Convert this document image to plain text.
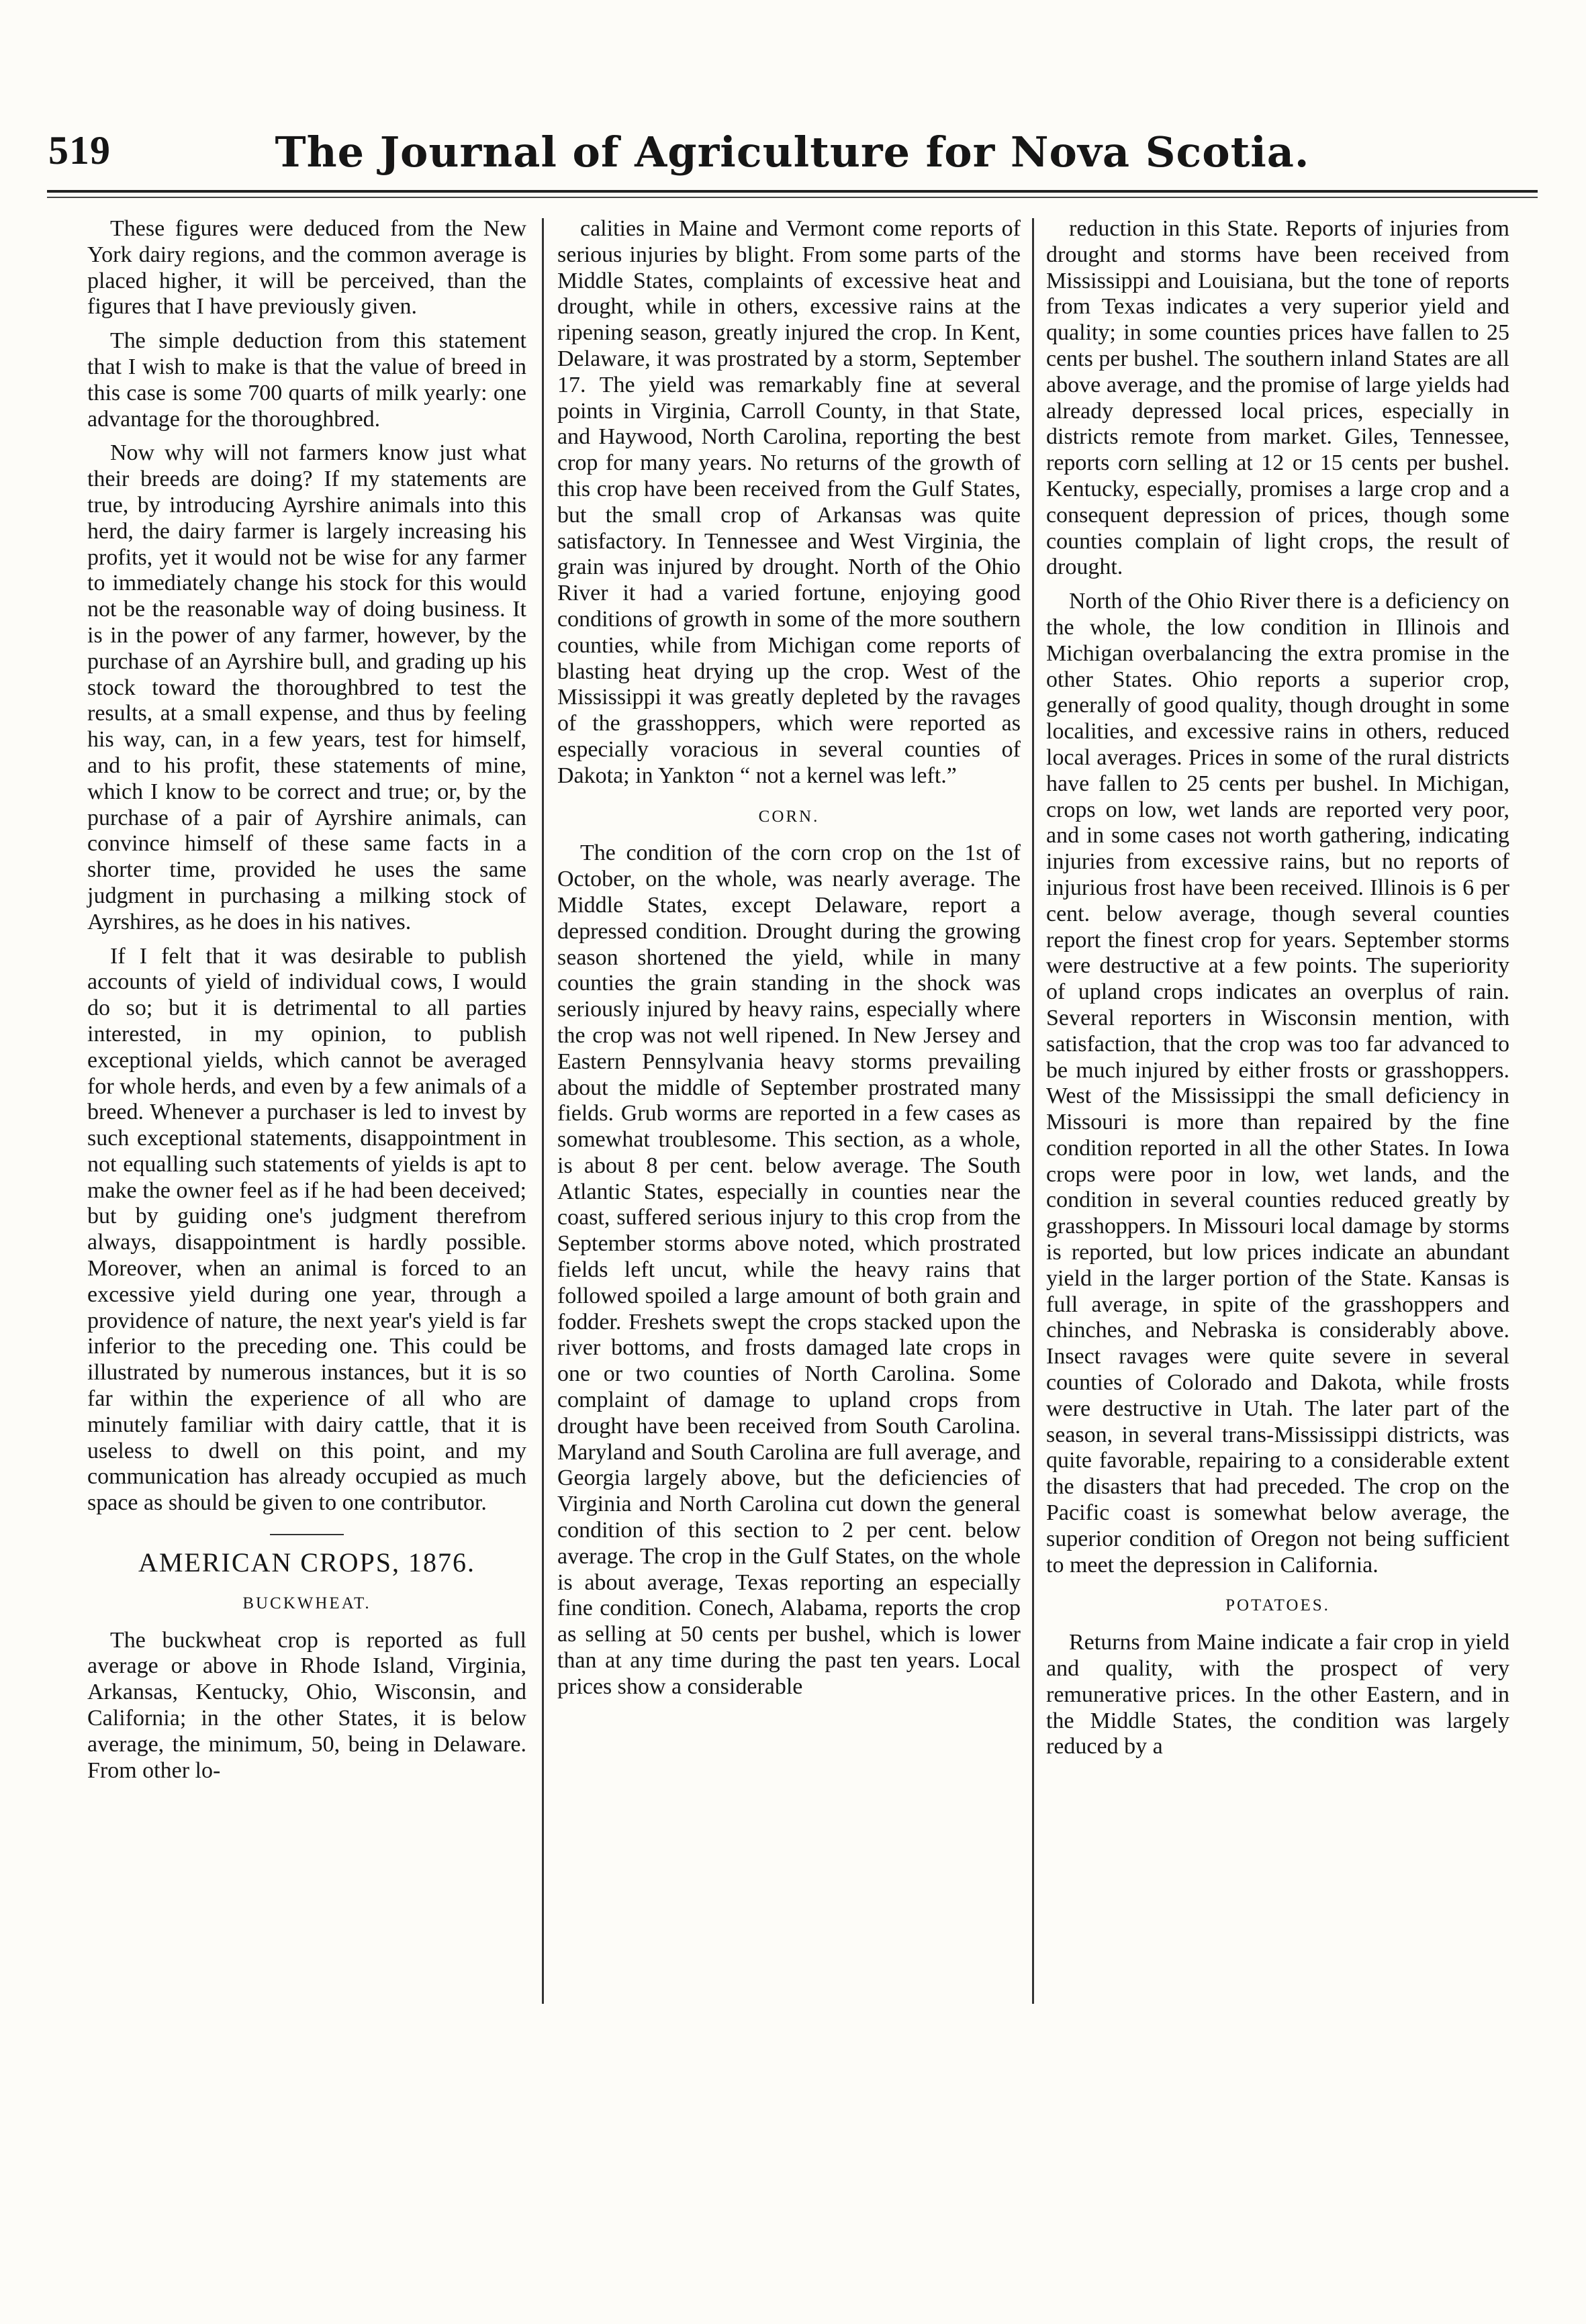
519	The Journal of Agriculture for Nova Scotia.

These figures were deduced from the New York dairy regions, and the common average is placed higher, it will be perceived, than the figures that I have previously given.

The simple deduction from this statement that I wish to make is that the value of breed in this case is some 700 quarts of milk yearly: one advantage for the thoroughbred.

Now why will not farmers know just what their breeds are doing? If my statements are true, by introducing Ayrshire animals into this herd, the dairy farmer is largely increasing his profits, yet it would not be wise for any farmer to immediately change his stock for this would not be the reasonable way of doing business. It is in the power of any farmer, however, by the purchase of an Ayrshire bull, and grading up his stock toward the thoroughbred to test the results, at a small expense, and thus by feeling his way, can, in a few years, test for himself, and to his profit, these statements of mine, which I know to be correct and true; or, by the purchase of a pair of Ayrshire animals, can convince himself of these same facts in a shorter time, provided he uses the same judgment in purchasing a milking stock of Ayrshires, as he does in his natives.

If I felt that it was desirable to publish accounts of yield of individual cows, I would do so; but it is detrimental to all parties interested, in my opinion, to publish exceptional yields, which cannot be averaged for whole herds, and even by a few animals of a breed. Whenever a purchaser is led to invest by such exceptional statements, disappointment in not equalling such statements of yields is apt to make the owner feel as if he had been deceived; but by guiding one's judgment therefrom always, disappointment is hardly possible. Moreover, when an animal is forced to an excessive yield during one year, through a providence of nature, the next year's yield is far inferior to the preceding one. This could be illustrated by numerous instances, but it is so far within the experience of all who are minutely familiar with dairy cattle, that it is useless to dwell on this point, and my communication has already occupied as much space as should be given to one contributor.

AMERICAN CROPS, 1876.
BUCKWHEAT.

The buckwheat crop is reported as full average or above in Rhode Island, Virginia, Arkansas, Kentucky, Ohio, Wisconsin, and California; in the other States, it is below average, the minimum, 50, being in Delaware. From other lo-

calities in Maine and Vermont come reports of serious injuries by blight. From some parts of the Middle States, complaints of excessive heat and drought, while in others, excessive rains at the ripening season, greatly injured the crop. In Kent, Delaware, it was prostrated by a storm, September 17. The yield was remarkably fine at several points in Virginia, Carroll County, in that State, and Haywood, North Carolina, reporting the best crop for many years. No returns of the growth of this crop have been received from the Gulf States, but the small crop of Arkansas was quite satisfactory. In Tennessee and West Virginia, the grain was injured by drought. North of the Ohio River it had a varied fortune, enjoying good conditions of growth in some of the more southern counties, while from Michigan come reports of blasting heat drying up the crop. West of the Mississippi it was greatly depleted by the ravages of the grasshoppers, which were reported as especially voracious in several counties of Dakota; in Yankton “ not a kernel was left.”

CORN.

The condition of the corn crop on the 1st of October, on the whole, was nearly average. The Middle States, except Delaware, report a depressed condition. Drought during the growing season shortened the yield, while in many counties the grain standing in the shock was seriously injured by heavy rains, especially where the crop was not well ripened. In New Jersey and Eastern Pennsylvania heavy storms prevailing about the middle of September prostrated many fields. Grub worms are reported in a few cases as somewhat troublesome. This section, as a whole, is about 8 per cent. below average. The South Atlantic States, especially in counties near the coast, suffered serious injury to this crop from the September storms above noted, which prostrated fields left uncut, while the heavy rains that followed spoiled a large amount of both grain and fodder. Freshets swept the crops stacked upon the river bottoms, and frosts damaged late crops in one or two counties of North Carolina. Some complaint of damage to upland crops from drought have been received from South Carolina. Maryland and South Carolina are full average, and Georgia largely above, but the deficiencies of Virginia and North Carolina cut down the general condition of this section to 2 per cent. below average. The crop in the Gulf States, on the whole is about average, Texas reporting an especially fine condition. Conech, Alabama, reports the crop as selling at 50 cents per bushel, which is lower than at any time during the past ten years. Local prices show a considerable

reduction in this State. Reports of injuries from drought and storms have been received from Mississippi and Louisiana, but the tone of reports from Texas indicates a very superior yield and quality; in some counties prices have fallen to 25 cents per bushel. The southern inland States are all above average, and the promise of large yields had already depressed local prices, especially in districts remote from market. Giles, Tennessee, reports corn selling at 12 or 15 cents per bushel. Kentucky, especially, promises a large crop and a consequent depression of prices, though some counties complain of light crops, the result of drought.

North of the Ohio River there is a deficiency on the whole, the low condition in Illinois and Michigan overbalancing the extra promise in the other States. Ohio reports a superior crop, generally of good quality, though drought in some localities, and excessive rains in others, reduced local averages. Prices in some of the rural districts have fallen to 25 cents per bushel. In Michigan, crops on low, wet lands are reported very poor, and in some cases not worth gathering, indicating injuries from excessive rains, but no reports of injurious frost have been received. Illinois is 6 per cent. below average, though several counties report the finest crop for years. September storms were destructive at a few points. The superiority of upland crops indicates an overplus of rain. Several reporters in Wisconsin mention, with satisfaction, that the crop was too far advanced to be much injured by either frosts or grasshoppers. West of the Mississippi the small deficiency in Missouri is more than repaired by the fine condition reported in all the other States. In Iowa crops were poor in low, wet lands, and the condition in several counties reduced greatly by grasshoppers. In Missouri local damage by storms is reported, but low prices indicate an abundant yield in the larger portion of the State. Kansas is full average, in spite of the grasshoppers and chinches, and Nebraska is considerably above. Insect ravages were quite severe in several counties of Colorado and Dakota, while frosts were destructive in Utah. The later part of the season, in several trans-Mississippi districts, was quite favorable, repairing to a considerable extent the disasters that had preceded. The crop on the Pacific coast is somewhat below average, the superior condition of Oregon not being sufficient to meet the depression in California.

POTATOES.

Returns from Maine indicate a fair crop in yield and quality, with the prospect of very remunerative prices. In the other Eastern, and in the Middle States, the condition was largely reduced by a
